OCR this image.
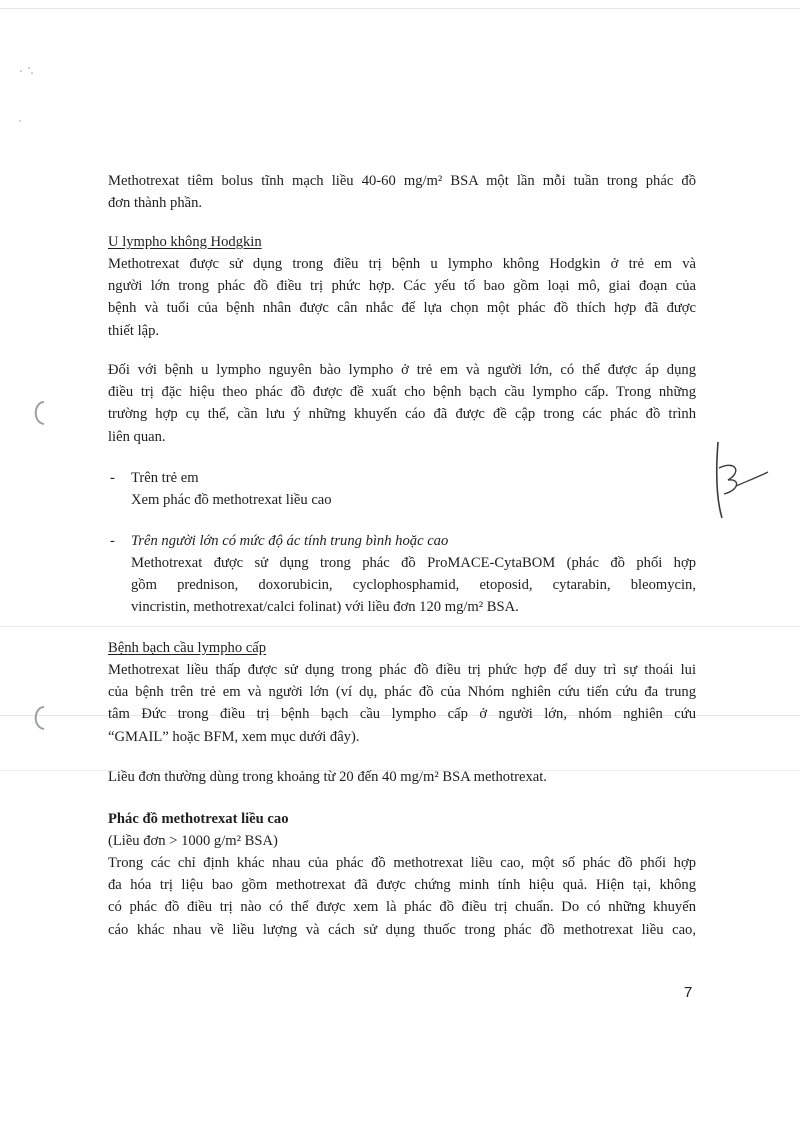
Methotrexat tiêm bolus tĩnh mạch liều 40-60 mg/m² BSA một lần mỗi tuần trong phác đồ
đơn thành phần.

U lympho không Hodgkin

Methotrexat được sử dụng trong điều trị bệnh u lympho không Hodgkin ở trẻ em và
người lớn trong phác đồ điều trị phức hợp. Các yếu tố bao gồm loại mô, giai đoạn của
bệnh và tuổi của bệnh nhân được cân nhắc để lựa chọn một phác đồ thích hợp đã được
thiết lập.

Đối với bệnh u lympho nguyên bào lympho ở trẻ em và người lớn, có thể được áp dụng
điều trị đặc hiệu theo phác đồ được đề xuất cho bệnh bạch cầu lympho cấp. Trong những
trường hợp cụ thể, cần lưu ý những khuyến cáo đã được đề cập trong các phác đồ trình
liên quan.

- Trên trẻ em
Xem phác đồ methotrexat liều cao
- Trên người lớn có mức độ ác tính trung bình hoặc cao

Methotrexat được sử dụng trong phác đồ ProMACE-CytaBOM (phác đồ phối hợp
gồm prednison, doxorubicin, cyclophosphamid, etoposid, cytarabin, bleomycin,
vincristin, methotrexat/calci folinat) với liều đơn 120 mg/m² BSA.

Bệnh bạch cầu lympho cấp

Methotrexat liều thấp được sử dụng trong phác đồ điều trị phức hợp để duy trì sự thoái lui
của bệnh trên trẻ em và người lớn (ví dụ, phác đồ của Nhóm nghiên cứu tiến cứu đa trung
tâm Đức trong điều trị bệnh bạch cầu lympho cấp ở người lớn, nhóm nghiên cứu
“GMAIL” hoặc BFM, xem mục dưới đây).

Liều đơn thường dùng trong khoảng từ 20 đến 40 mg/m² BSA methotrexat.
Phác đồ methotrexat liều cao
(Liều đơn > 1000 g/m² BSA)

Trong các chỉ định khác nhau của phác đồ methotrexat liều cao, một số phác đồ phối hợp
đa hóa trị liệu bao gồm methotrexat đã được chứng minh tính hiệu quả. Hiện tại, không
có phác đồ điều trị nào có thể được xem là phác đồ điều trị chuẩn. Do có những khuyến
cáo khác nhau về liều lượng và cách sử dụng thuốc trong phác đồ methotrexat liều cao,

7
